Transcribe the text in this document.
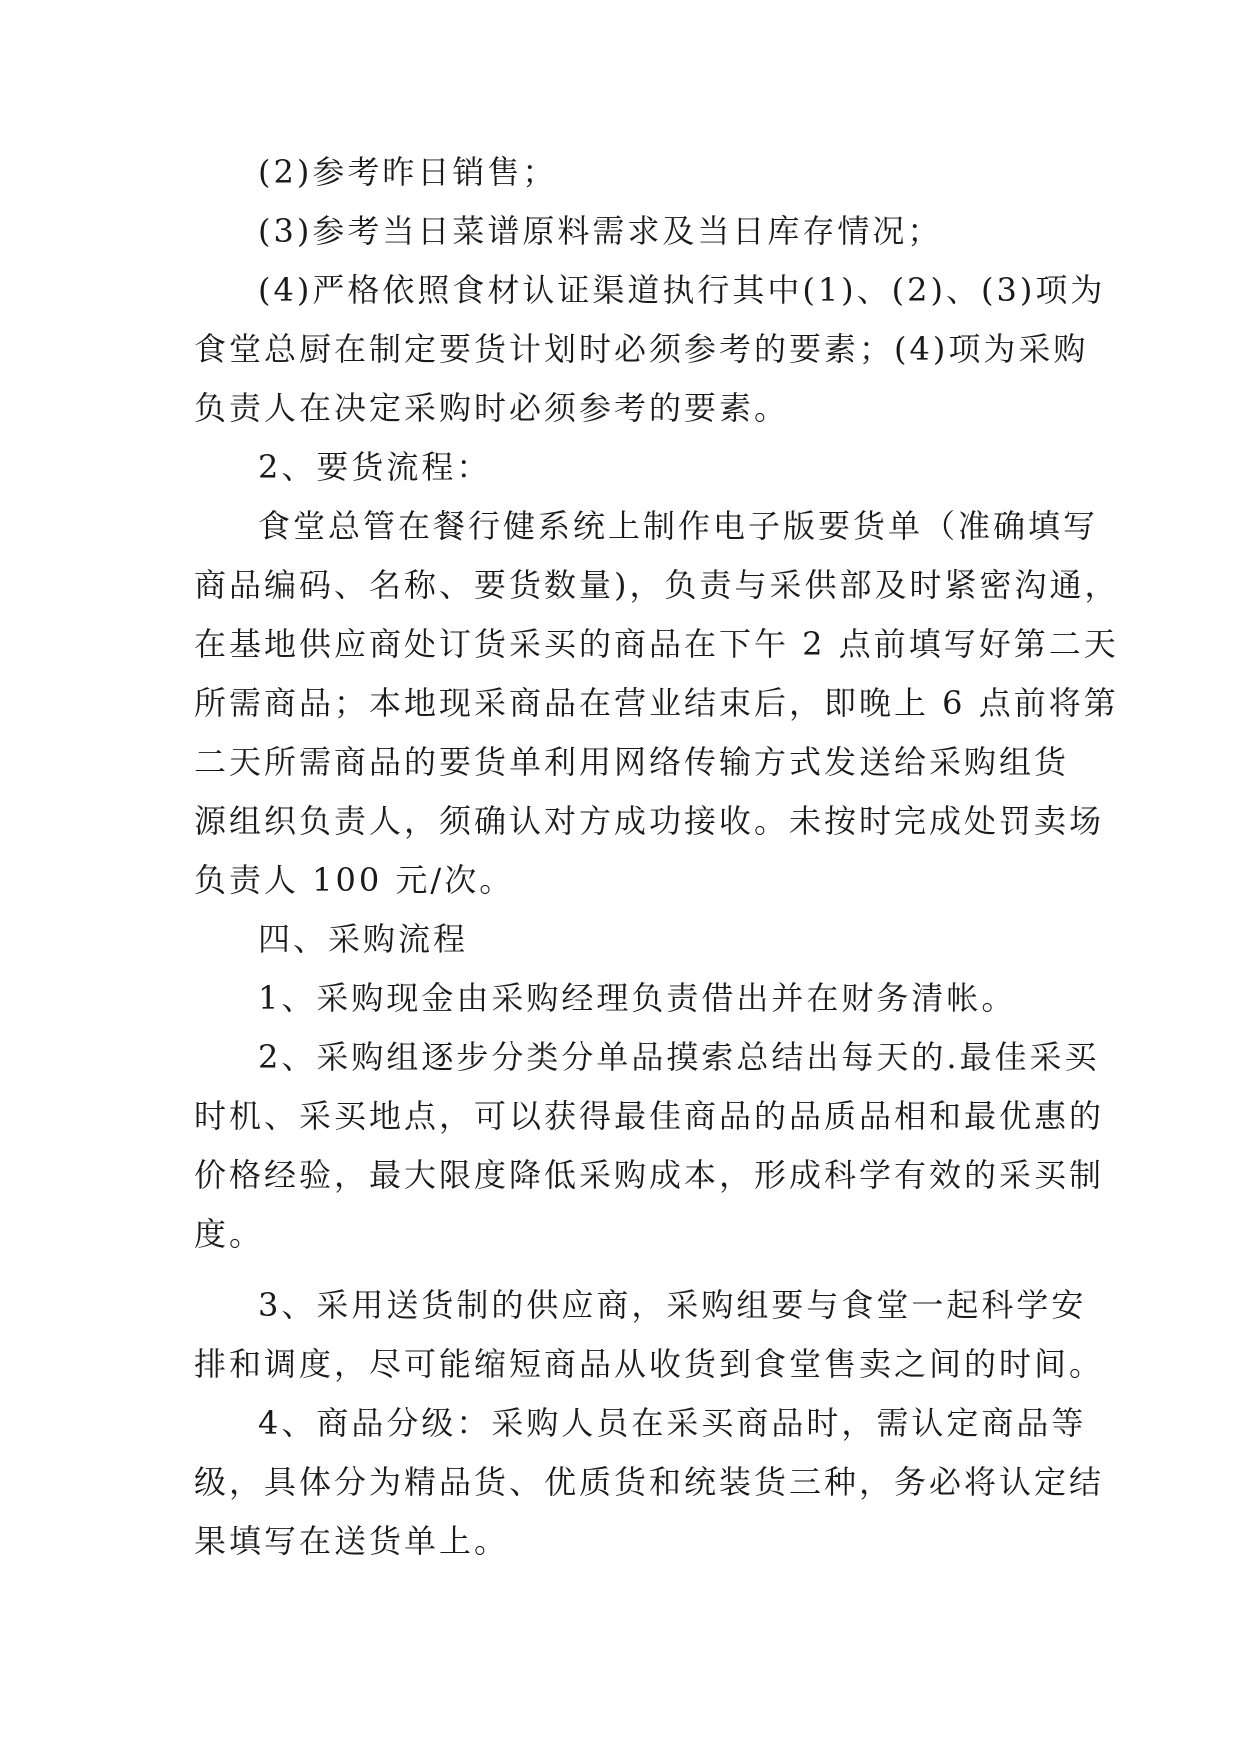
(2)参考昨日销售；
(3)参考当日菜谱原料需求及当日库存情况；
(4)严格依照食材认证渠道执行其中(1)、(2)、(3)项为
食堂总厨在制定要货计划时必须参考的要素；(4)项为采购
负责人在决定采购时必须参考的要素。
2、要货流程：
食堂总管在餐行健系统上制作电子版要货单（准确填写
商品编码、名称、要货数量)，负责与采供部及时紧密沟通，
在基地供应商处订货采买的商品在下午 2 点前填写好第二天
所需商品；本地现采商品在营业结束后，即晚上 6 点前将第
二天所需商品的要货单利用网络传输方式发送给采购组货
源组织负责人，须确认对方成功接收。未按时完成处罚卖场
负责人 100 元/次。
四、采购流程
1、采购现金由采购经理负责借出并在财务清帐。
2、采购组逐步分类分单品摸索总结出每天的.最佳采买
时机、采买地点，可以获得最佳商品的品质品相和最优惠的
价格经验，最大限度降低采购成本，形成科学有效的采买制
度。
3、采用送货制的供应商，采购组要与食堂一起科学安
排和调度，尽可能缩短商品从收货到食堂售卖之间的时间。
4、商品分级：采购人员在采买商品时，需认定商品等
级，具体分为精品货、优质货和统装货三种，务必将认定结
果填写在送货单上。
